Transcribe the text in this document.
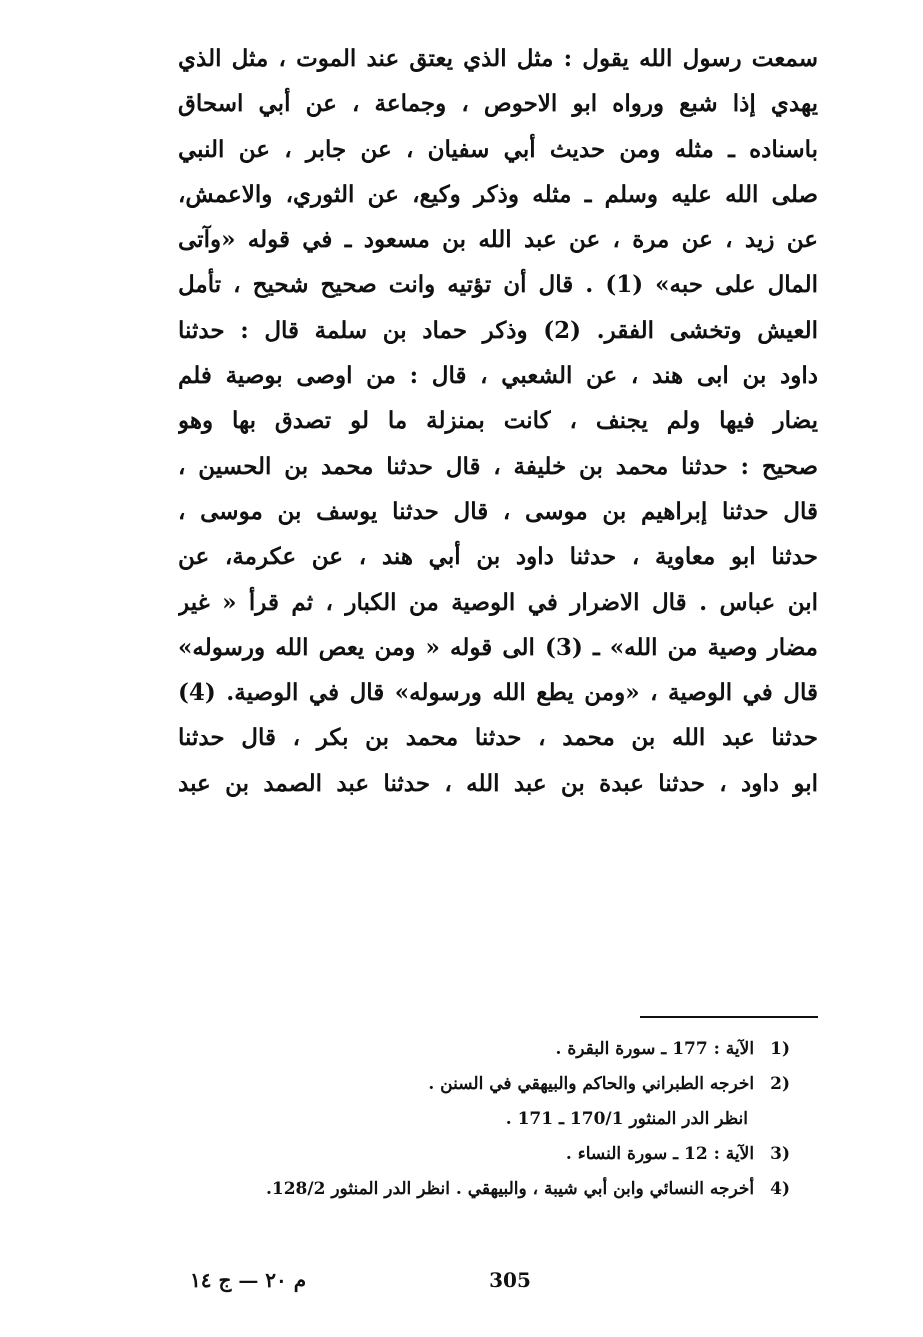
سمعت رسول الله يقول : مثل الذي يعتق عند الموت ، مثل الذي
يهدي إذا شبع ورواه ابو الاحوص ، وجماعة ، عن أبي اسحاق
باسناده ـ مثله ومن حديث أبي سفيان ، عن جابر ، عن النبي
صلى الله عليه وسلم ـ مثله وذكر وكيع، عن الثوري، والاعمش،
عن زيد ، عن مرة ، عن عبد الله بن مسعود ـ في قوله «وآتى
المال على حبه» (1) . قال أن تؤتيه وانت صحيح شحيح ، تأمل
العيش وتخشى الفقر. (2) وذكر حماد بن سلمة قال : حدثنا
داود بن ابى هند ، عن الشعبي ، قال : من اوصى بوصية فلم
يضار فيها ولم يجنف ، كانت بمنزلة ما لو تصدق بها وهو
صحيح : حدثنا محمد بن خليفة ، قال حدثنا محمد بن الحسين ،
قال حدثنا إبراهيم بن موسى ، قال حدثنا يوسف بن موسى ،
حدثنا ابو معاوية ، حدثنا داود بن أبي هند ، عن عكرمة، عن
ابن عباس . قال الاضرار في الوصية من الكبار ، ثم قرأ « غير
مضار وصية من الله» ـ (3) الى قوله « ومن يعص الله ورسوله»
قال في الوصية ، «ومن يطع الله ورسوله» قال في الوصية. (4)
حدثنا عبد الله بن محمد ، حدثنا محمد بن بكر ، قال حدثنا
ابو داود ، حدثنا عبدة بن عبد الله ، حدثنا عبد الصمد بن عبد
1) الآية : 177 ـ سورة البقرة .
2) اخرجه الطبراني والحاكم والبيهقي في السنن .
انظر الدر المنثور 170/1 ـ 171 .
3) الآية : 12 ـ سورة النساء .
4) أخرجه النسائي وابن أبي شيبة ، والبيهقي . انظر الدر المنثور 128/2.
م ٢٠ — ج ١٤	305
